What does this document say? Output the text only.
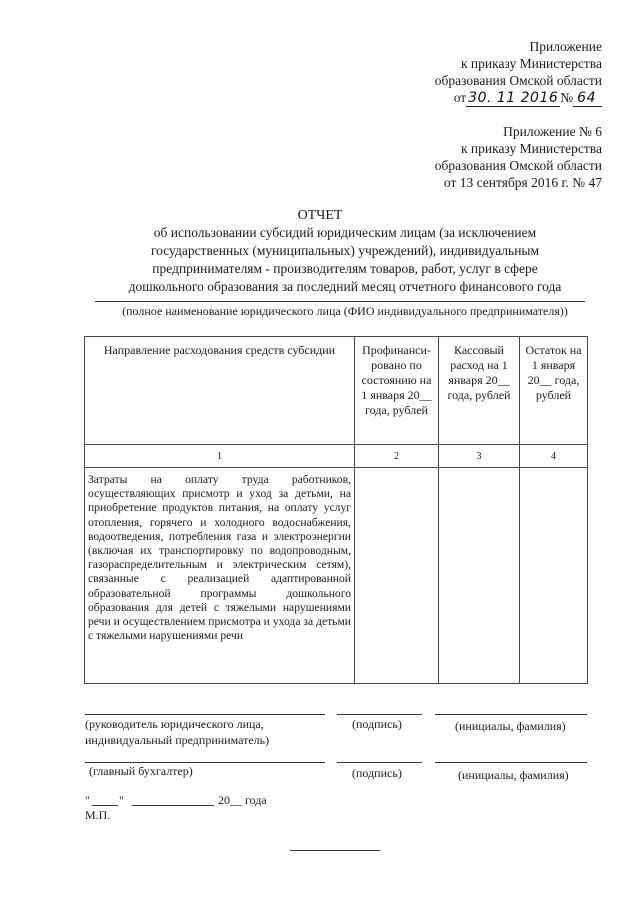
Приложение
к приказу Министерства
образования Омской области
от 30. 11 2016 № 64
Приложение № 6
к приказу Министерства
образования Омской области
от 13 сентября 2016 г. № 47
ОТЧЕТ
об использовании субсидий юридическим лицам (за исключением
государственных (муниципальных) учреждений), индивидуальным
предпринимателям - производителям товаров, работ, услуг в сфере
дошкольного образования за последний месяц отчетного финансового года
(полное наименование юридического лица (ФИО индивидуального предпринимателя))
Направление расходования средств субсидии	Профинанси-рованo по состоянию на 1 января 20__ года, рублей	Кассовый расход на 1 января 20__ года, рублей	Остаток на 1 января 20__ года, рублей
1	2	3	4
Затраты на оплату труда работников, осуществляющих присмотр и уход за детьми, на приобретение продуктов питания, на оплату услуг отопления, горячего и холодного водоснабжения, водоотведения, потребления газа и электроэнергии (включая их транспортировку по водопроводным, газораспределительным и электрическим сетям), связанные с реализацией адаптированной образовательной программы дошкольного образования для детей с тяжелыми нарушениями речи и осуществлением присмотра и ухода за детьми с тяжелыми нарушениями речи			
(руководитель юридического лица, индивидуальный предприниматель)
(подпись)	(инициалы, фамилия)
(главный бухгалтер)	(подпись)	(инициалы, фамилия)
" "	20__ года
М.П.
